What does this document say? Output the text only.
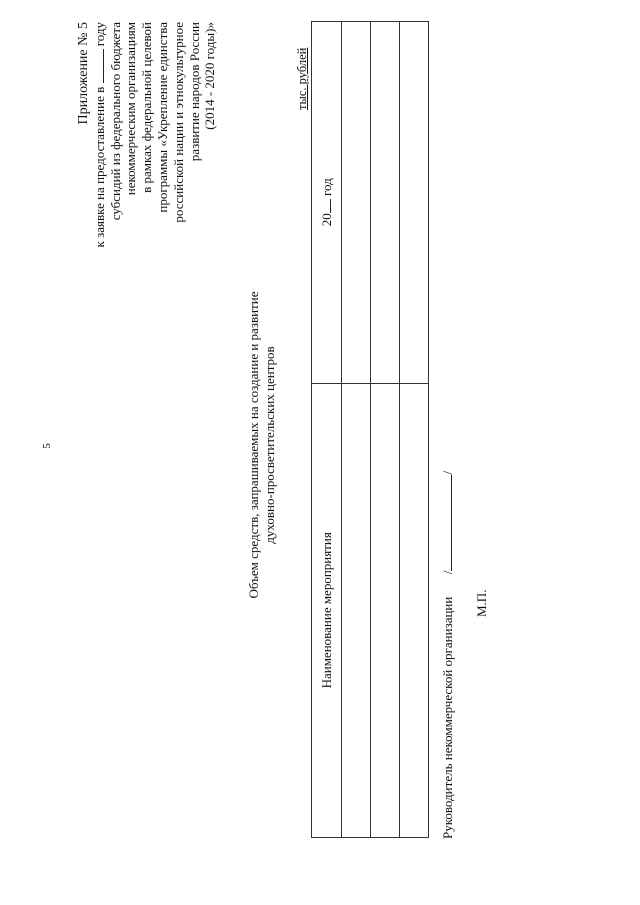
5
Приложение № 5
к заявке на предоставление в  году субсидий из федерального бюджета некоммерческим организациям в рамках федеральной целевой программы «Укрепление единства российской нации и этнокультурное развитие народов России (2014 - 2020 годы)»
Объем средств, запрашиваемых на создание и развитие духовно-просветительских центров
тыс. рублей
Наименование мероприятия	20 год

Руководитель некоммерческой организации  //
М.П.
